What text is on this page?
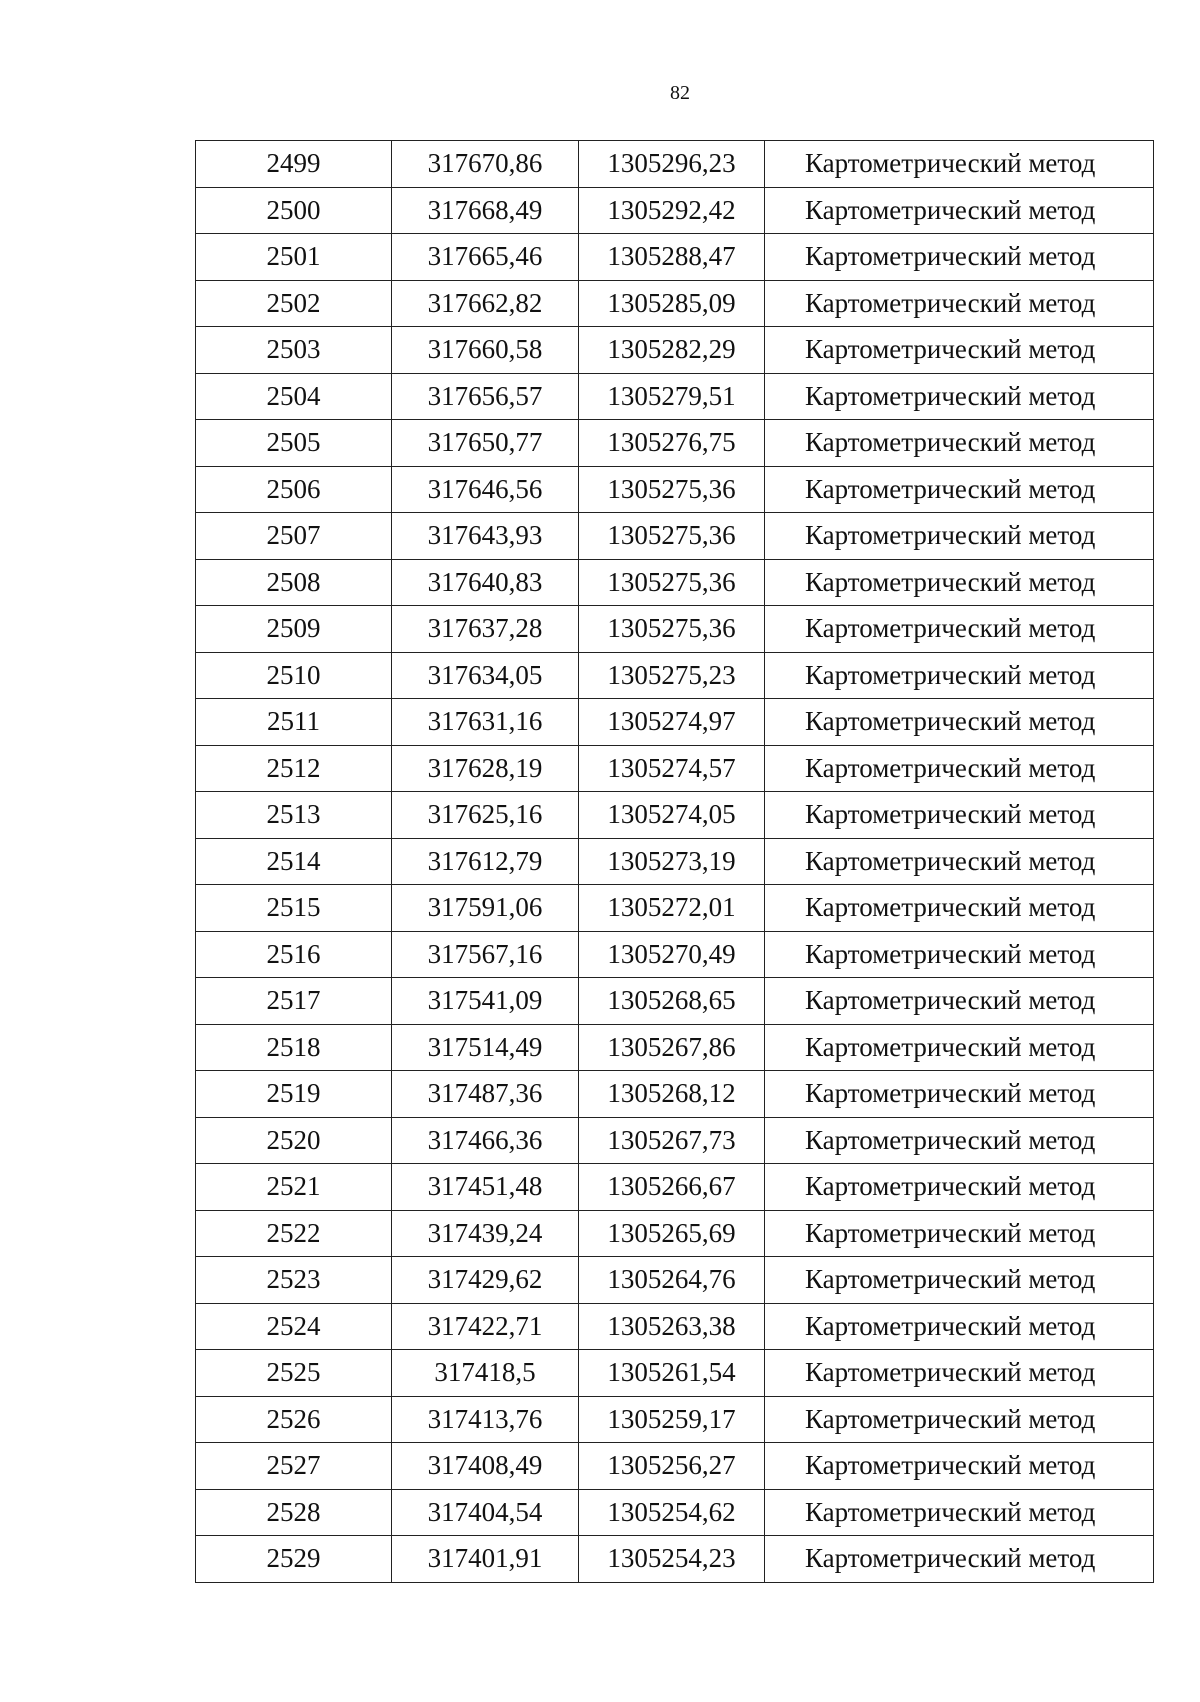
82
2499	317670,86	1305296,23	Картометрический метод
2500	317668,49	1305292,42	Картометрический метод
2501	317665,46	1305288,47	Картометрический метод
2502	317662,82	1305285,09	Картометрический метод
2503	317660,58	1305282,29	Картометрический метод
2504	317656,57	1305279,51	Картометрический метод
2505	317650,77	1305276,75	Картометрический метод
2506	317646,56	1305275,36	Картометрический метод
2507	317643,93	1305275,36	Картометрический метод
2508	317640,83	1305275,36	Картометрический метод
2509	317637,28	1305275,36	Картометрический метод
2510	317634,05	1305275,23	Картометрический метод
2511	317631,16	1305274,97	Картометрический метод
2512	317628,19	1305274,57	Картометрический метод
2513	317625,16	1305274,05	Картометрический метод
2514	317612,79	1305273,19	Картометрический метод
2515	317591,06	1305272,01	Картометрический метод
2516	317567,16	1305270,49	Картометрический метод
2517	317541,09	1305268,65	Картометрический метод
2518	317514,49	1305267,86	Картометрический метод
2519	317487,36	1305268,12	Картометрический метод
2520	317466,36	1305267,73	Картометрический метод
2521	317451,48	1305266,67	Картометрический метод
2522	317439,24	1305265,69	Картометрический метод
2523	317429,62	1305264,76	Картометрический метод
2524	317422,71	1305263,38	Картометрический метод
2525	317418,5	1305261,54	Картометрический метод
2526	317413,76	1305259,17	Картометрический метод
2527	317408,49	1305256,27	Картометрический метод
2528	317404,54	1305254,62	Картометрический метод
2529	317401,91	1305254,23	Картометрический метод
